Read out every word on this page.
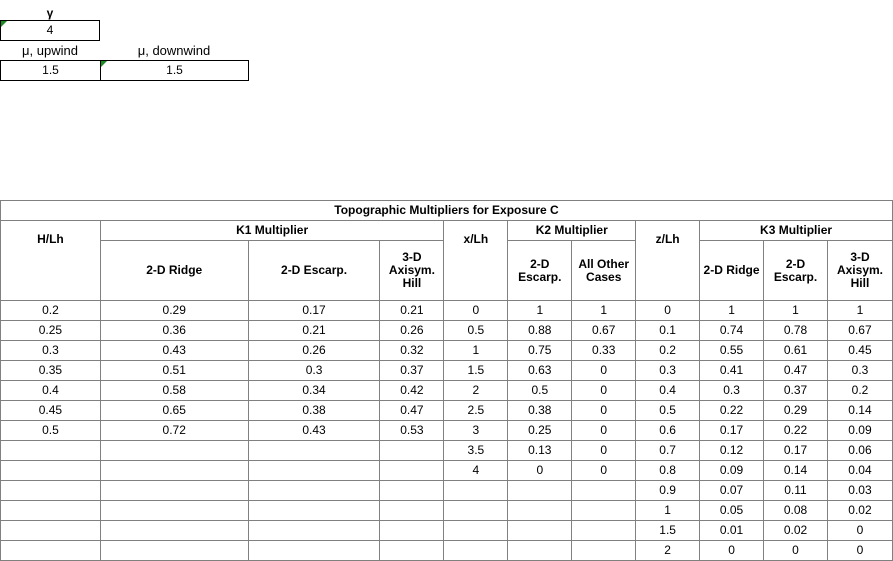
γ
4
μ, upwind	μ, downwind
1.5	1.5
Topographic Multipliers for Exposure C										
H/Lh	K1 Multiplier			x/Lh	K2 Multiplier		z/Lh	K3 Multiplier		
	2-D Ridge	2-D Escarp.	3-D Axisym. Hill		2-D Escarp.	All Other Cases		2-D Ridge	2-D Escarp.	3-D Axisym. Hill
0.2	0.29	0.17	0.21	0	1	1	0	1	1	1
0.25	0.36	0.21	0.26	0.5	0.88	0.67	0.1	0.74	0.78	0.67
0.3	0.43	0.26	0.32	1	0.75	0.33	0.2	0.55	0.61	0.45
0.35	0.51	0.3	0.37	1.5	0.63	0	0.3	0.41	0.47	0.3
0.4	0.58	0.34	0.42	2	0.5	0	0.4	0.3	0.37	0.2
0.45	0.65	0.38	0.47	2.5	0.38	0	0.5	0.22	0.29	0.14
0.5	0.72	0.43	0.53	3	0.25	0	0.6	0.17	0.22	0.09
				3.5	0.13	0	0.7	0.12	0.17	0.06
				4	0	0	0.8	0.09	0.14	0.04
							0.9	0.07	0.11	0.03
							1	0.05	0.08	0.02
							1.5	0.01	0.02	0
							2	0	0	0
